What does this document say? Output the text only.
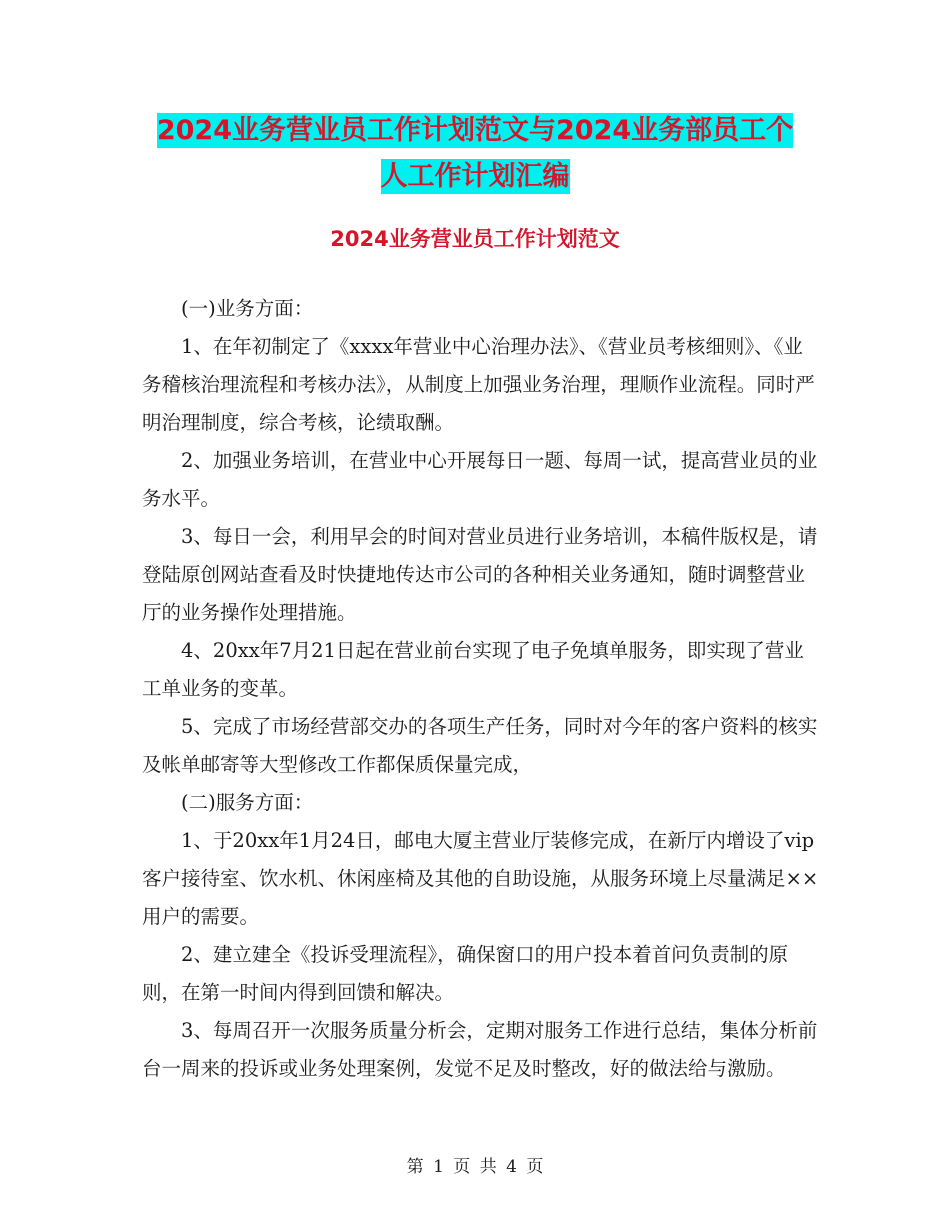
2024业务营业员工作计划范文与2024业务部员工个人工作计划汇编
2024业务营业员工作计划范文

(一)业务方面：

1、在年初制定了《xxxx年营业中心治理办法》、《营业员考核细则》、《业务稽核治理流程和考核办法》，从制度上加强业务治理，理顺作业流程。同时严明治理制度，综合考核，论绩取酬。

2、加强业务培训，在营业中心开展每日一题、每周一试，提高营业员的业务水平。

3、每日一会，利用早会的时间对营业员进行业务培训，本稿件版权是，请登陆原创网站查看及时快捷地传达市公司的各种相关业务通知，随时调整营业厅的业务操作处理措施。

4、20xx年7月21日起在营业前台实现了电子免填单服务，即实现了营业工单业务的变革。

5、完成了市场经营部交办的各项生产任务，同时对今年的客户资料的核实及帐单邮寄等大型修改工作都保质保量完成，

(二)服务方面：

1、于20xx年1月24日，邮电大厦主营业厅装修完成，在新厅内增设了vip客户接待室、饮水机、休闲座椅及其他的自助设施，从服务环境上尽量满足××用户的需要。

2、建立建全《投诉受理流程》，确保窗口的用户投本着首问负责制的原则，在第一时间内得到回馈和解决。

3、每周召开一次服务质量分析会，定期对服务工作进行总结，集体分析前台一周来的投诉或业务处理案例，发觉不足及时整改，好的做法给与激励。

第 1 页 共 4 页
